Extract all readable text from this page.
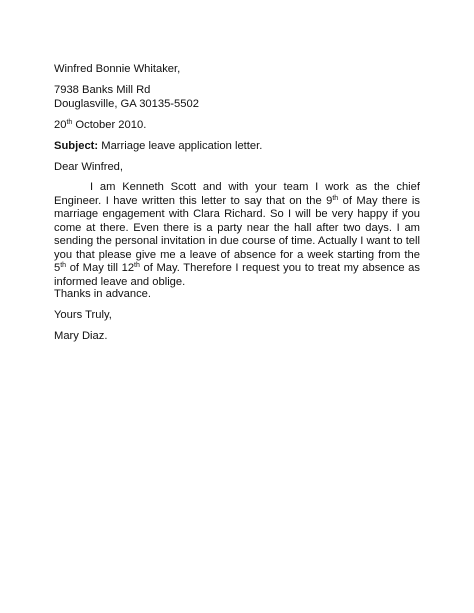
Winfred Bonnie Whitaker,

7938 Banks Mill Rd
Douglasville, GA 30135-5502

20th October 2010.

Subject: Marriage leave application letter.

Dear Winfred,

I am Kenneth Scott and with your team I work as the chief Engineer. I have written this letter to say that on the 9th of May there is marriage engagement with Clara Richard. So I will be very happy if you come at there. Even there is a party near the hall after two days. I am sending the personal invitation in due course of time. Actually I want to tell you that please give me a leave of absence for a week starting from the 5th of May till 12th of May. Therefore I request you to treat my absence as informed leave and oblige.

Thanks in advance.

Yours Truly,

Mary Diaz.
